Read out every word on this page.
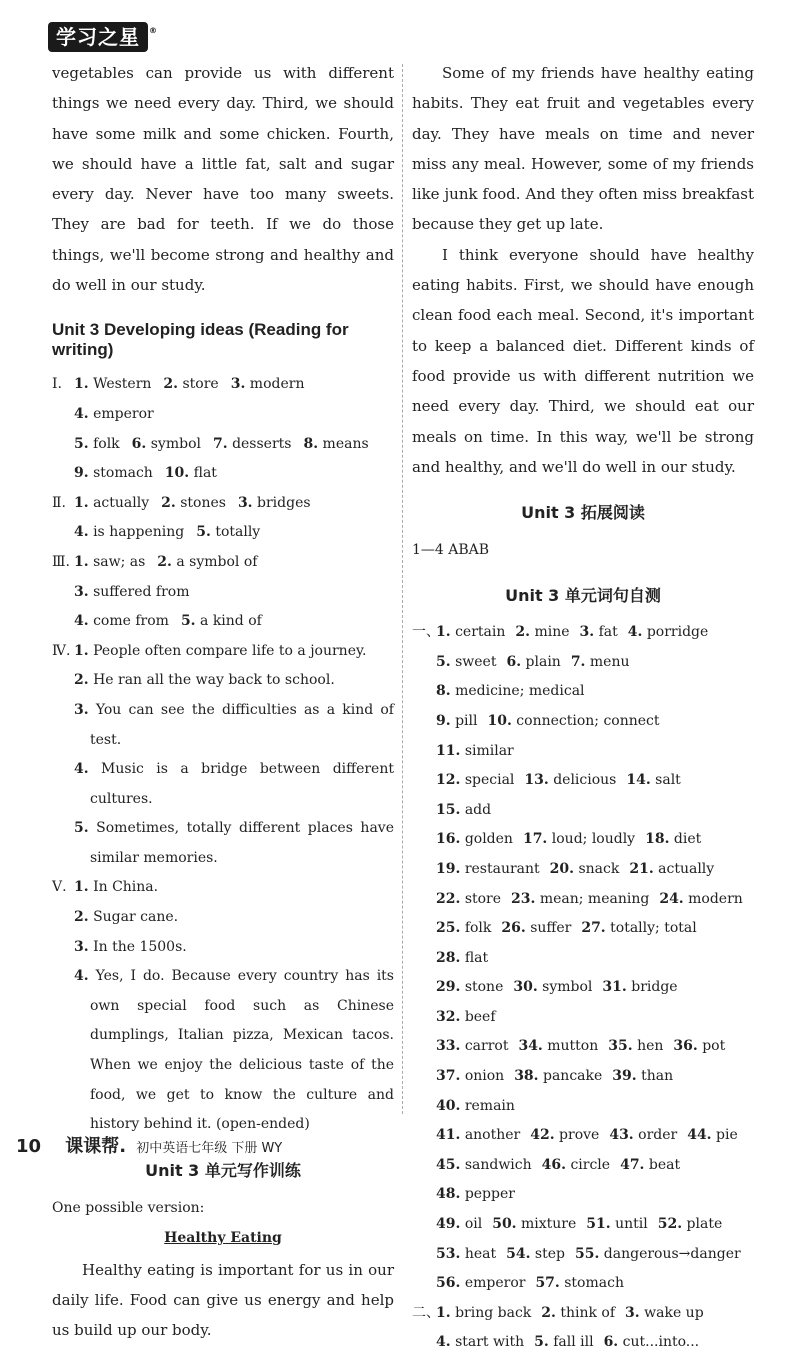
学习之星 ®

vegetables can provide us with different things we need every day. Third, we should have some milk and some chicken. Fourth, we should have a little fat, salt and sugar every day. Never have too many sweets. They are bad for teeth. If we do those things, we'll become strong and healthy and do well in our study.

Unit 3 Developing ideas (Reading for writing)
Ⅰ. 1. Western 2. store 3. modern4. emperor
5. folk 6. symbol 7. desserts 8. means
9. stomach 10. flat
Ⅱ. 1. actually 2. stones 3. bridges
4. is happening 5. totally
Ⅲ. 1. saw; as 2. a symbol of3. suffered from
4. come from 5. a kind of
Ⅳ. 1. People often compare life to a journey.
2. He ran all the way back to school.
3. You can see the difficulties as a kind of test.
4. Music is a bridge between different cultures.
5. Sometimes, totally different places have similar memories.
Ⅴ. 1. In China.
2. Sugar cane.
3. In the 1500s.
4. Yes, I do. Because every country has its own special food such as Chinese dumplings, Italian pizza, Mexican tacos. When we enjoy the delicious taste of the food, we get to know the culture and history behind it. (open-ended)
Unit 3 单元写作训练
One possible version:
Healthy Eating

Healthy eating is important for us in our daily life. Food can give us energy and help us build up our body.

Some of my friends have healthy eating habits. They eat fruit and vegetables every day. They have meals on time and never miss any meal. However, some of my friends like junk food. And they often miss breakfast because they get up late.

I think everyone should have healthy eating habits. First, we should have enough clean food each meal. Second, it's important to keep a balanced diet. Different kinds of food provide us with different nutrition we need every day. Third, we should eat our meals on time. In this way, we'll be strong and healthy, and we'll do well in our study.

Unit 3 拓展阅读

1—4 ABAB

Unit 3 单元词句自测
一、
1. certain 2. mine 3. fat 4. porridge
5. sweet 6. plain 7. menu8. medicine; medical
9. pill 10. connection; connect11. similar
12. special 13. delicious 14. salt15. add
16. golden 17. loud; loudly 18. diet
19. restaurant 20. snack 21. actually
22. store 23. mean; meaning 24. modern
25. folk 26. suffer 27. totally; total28. flat
29. stone 30. symbol 31. bridge32. beef
33. carrot 34. mutton 35. hen 36. pot
37. onion 38. pancake 39. than40. remain
41. another 42. prove 43. order 44. pie
45. sandwich 46. circle 47. beat48. pepper
49. oil 50. mixture 51. until 52. plate
53. heat 54. step 55. dangerous→danger
56. emperor 57. stomach
二、
1. bring back 2. think of 3. wake up
4. start with 5. fall ill 6. cut...into...
10 课课帮. 初中英语七年级 下册 WY
